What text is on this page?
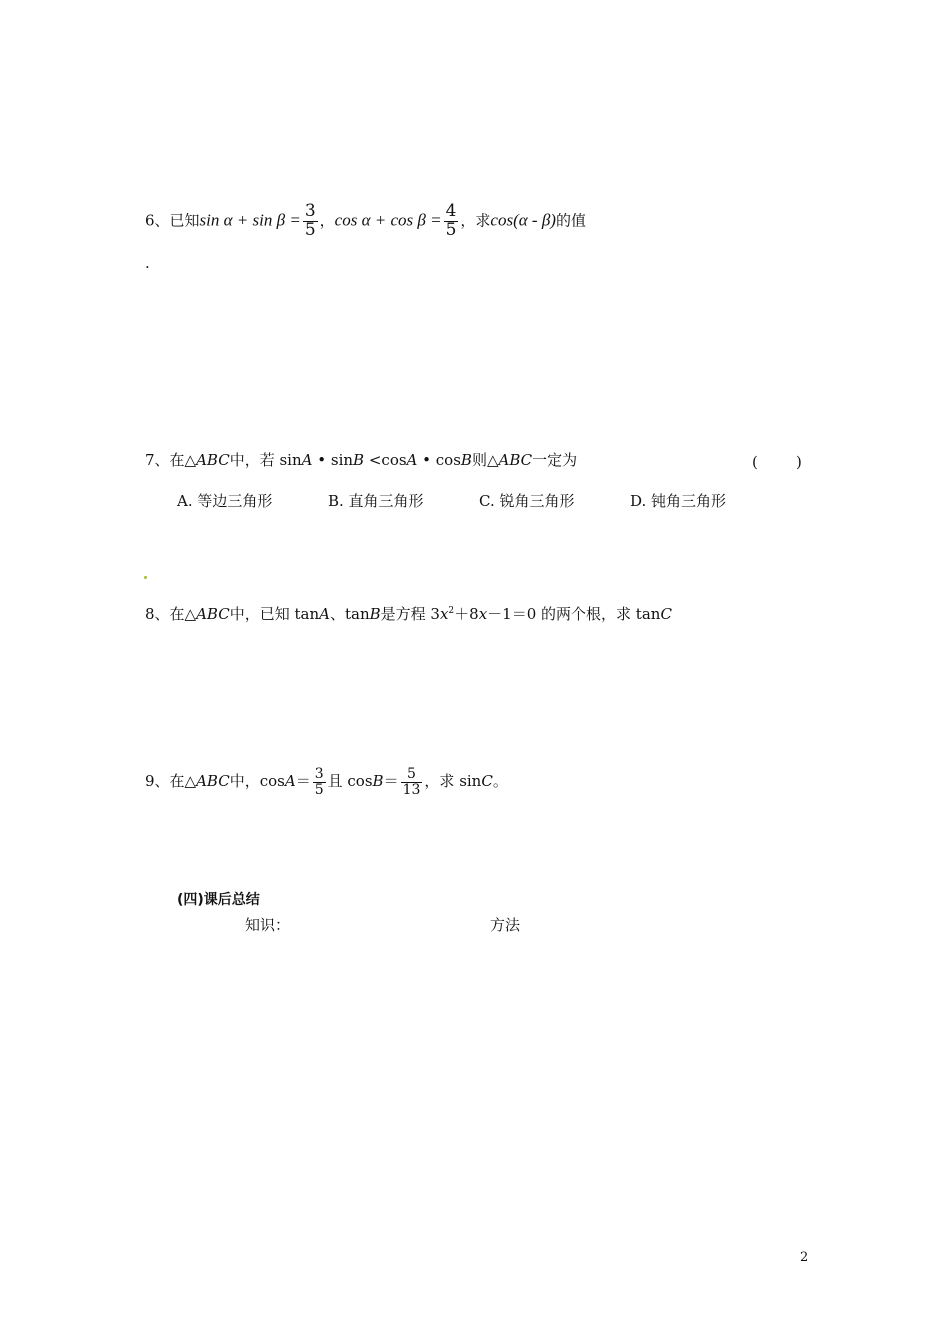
6、已知$\sin \alpha + \sin \beta = \frac{3}{5}$ ，$\cos \alpha + \cos \beta = \frac{4}{5}$ ，求cos(α - β)的值
.
7、在△ABC中，若 sinA • sinB <cosA • cosB则△ABC一定为	(        )
A. 等边三角形	B. 直角三角形	C. 锐角三角形	D. 钝角三角形
8、在△ABC中，已知 tanA、tanB是方程 $3x^2+8x-1=0$ 的两个根，求 tanC
9、在△ABC中，$\cos A= \frac{3}{5}$ 且 $\cos B= \frac{5}{13}$ ，求 sinC。
(四)课后总结
知识：	方法
2
